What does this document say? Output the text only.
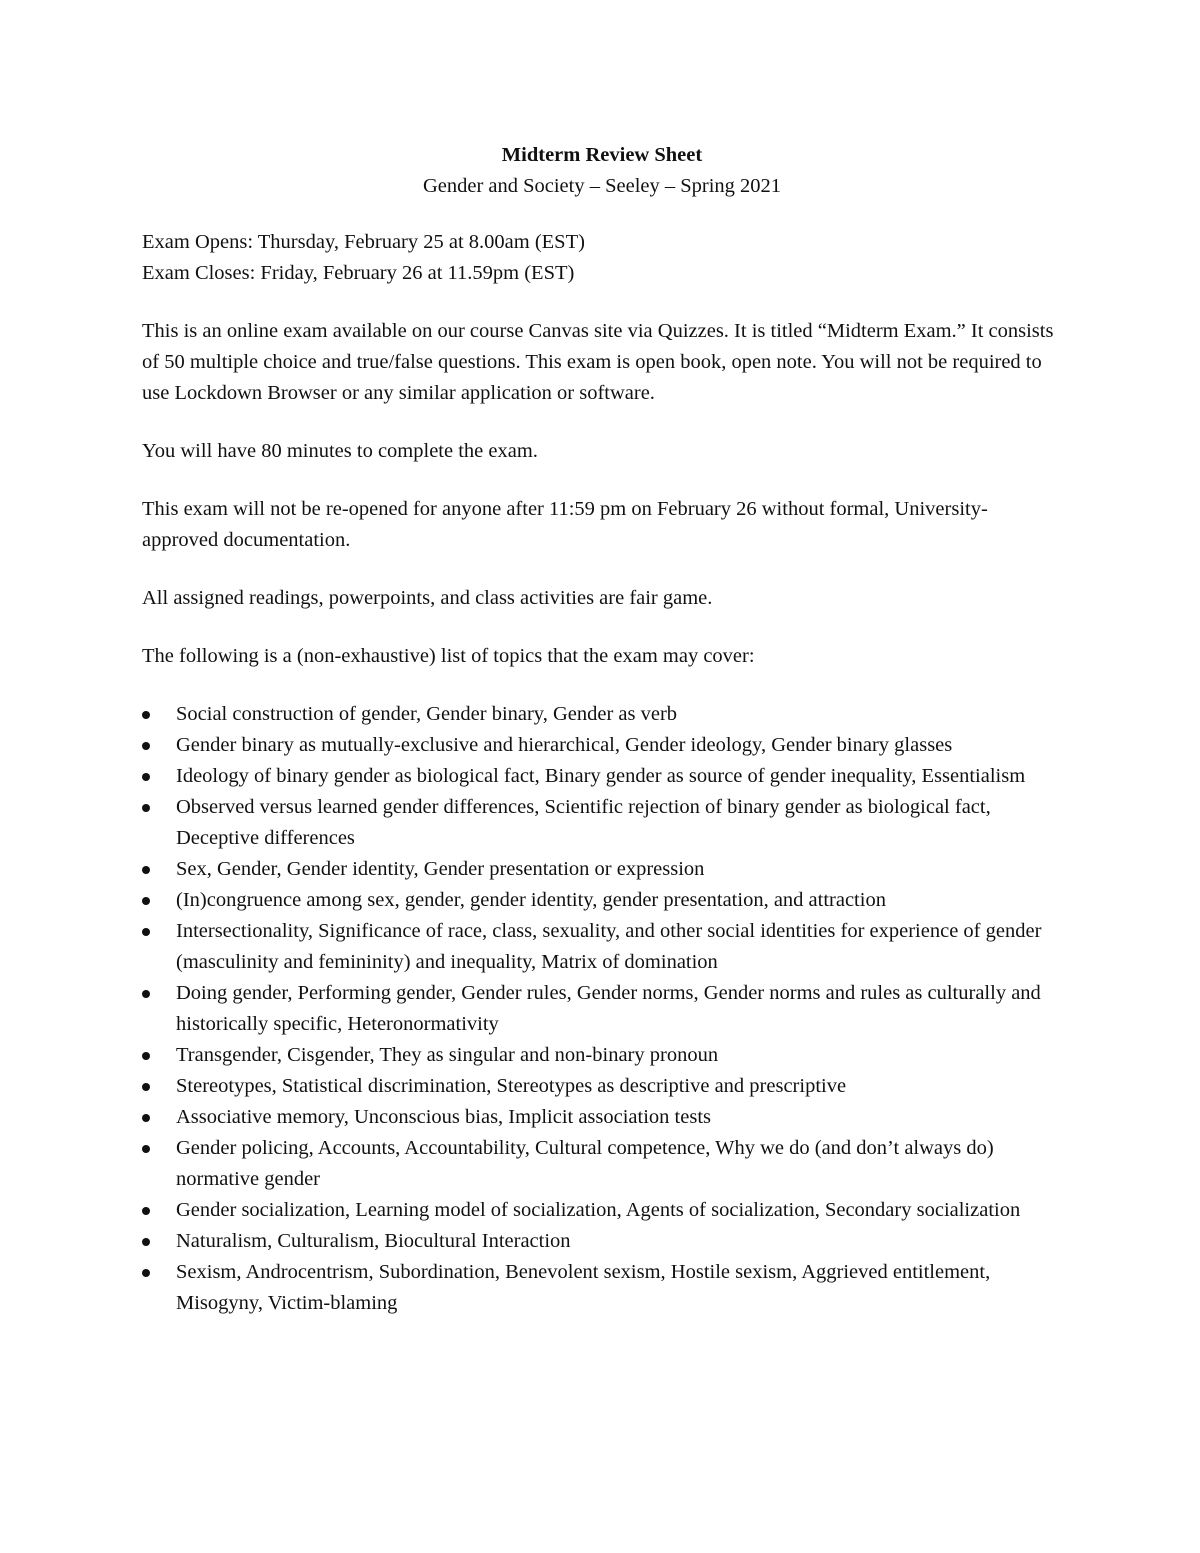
Midterm Review Sheet
Gender and Society – Seeley – Spring 2021

Exam Opens: Thursday, February 25 at 8.00am (EST)

Exam Closes: Friday, February 26 at 11.59pm (EST)

This is an online exam available on our course Canvas site via Quizzes. It is titled “Midterm Exam.” It consists of 50 multiple choice and true/false questions. This exam is open book, open note. You will not be required to use Lockdown Browser or any similar application or software.

You will have 80 minutes to complete the exam.

This exam will not be re-opened for anyone after 11:59 pm on February 26 without formal, University-approved documentation.

All assigned readings, powerpoints, and class activities are fair game.

The following is a (non-exhaustive) list of topics that the exam may cover:

Social construction of gender, Gender binary, Gender as verb
Gender binary as mutually-exclusive and hierarchical, Gender ideology, Gender binary glasses
Ideology of binary gender as biological fact, Binary gender as source of gender inequality, Essentialism
Observed versus learned gender differences, Scientific rejection of binary gender as biological fact, Deceptive differences
Sex, Gender, Gender identity, Gender presentation or expression
(In)congruence among sex, gender, gender identity, gender presentation, and attraction
Intersectionality, Significance of race, class, sexuality, and other social identities for experience of gender (masculinity and femininity) and inequality, Matrix of domination
Doing gender, Performing gender, Gender rules, Gender norms, Gender norms and rules as culturally and historically specific, Heteronormativity
Transgender, Cisgender, They as singular and non-binary pronoun
Stereotypes, Statistical discrimination, Stereotypes as descriptive and prescriptive
Associative memory, Unconscious bias, Implicit association tests
Gender policing, Accounts, Accountability, Cultural competence, Why we do (and don’t always do) normative gender
Gender socialization, Learning model of socialization, Agents of socialization, Secondary socialization
Naturalism, Culturalism, Biocultural Interaction
Sexism, Androcentrism, Subordination, Benevolent sexism, Hostile sexism, Aggrieved entitlement, Misogyny, Victim-blaming
